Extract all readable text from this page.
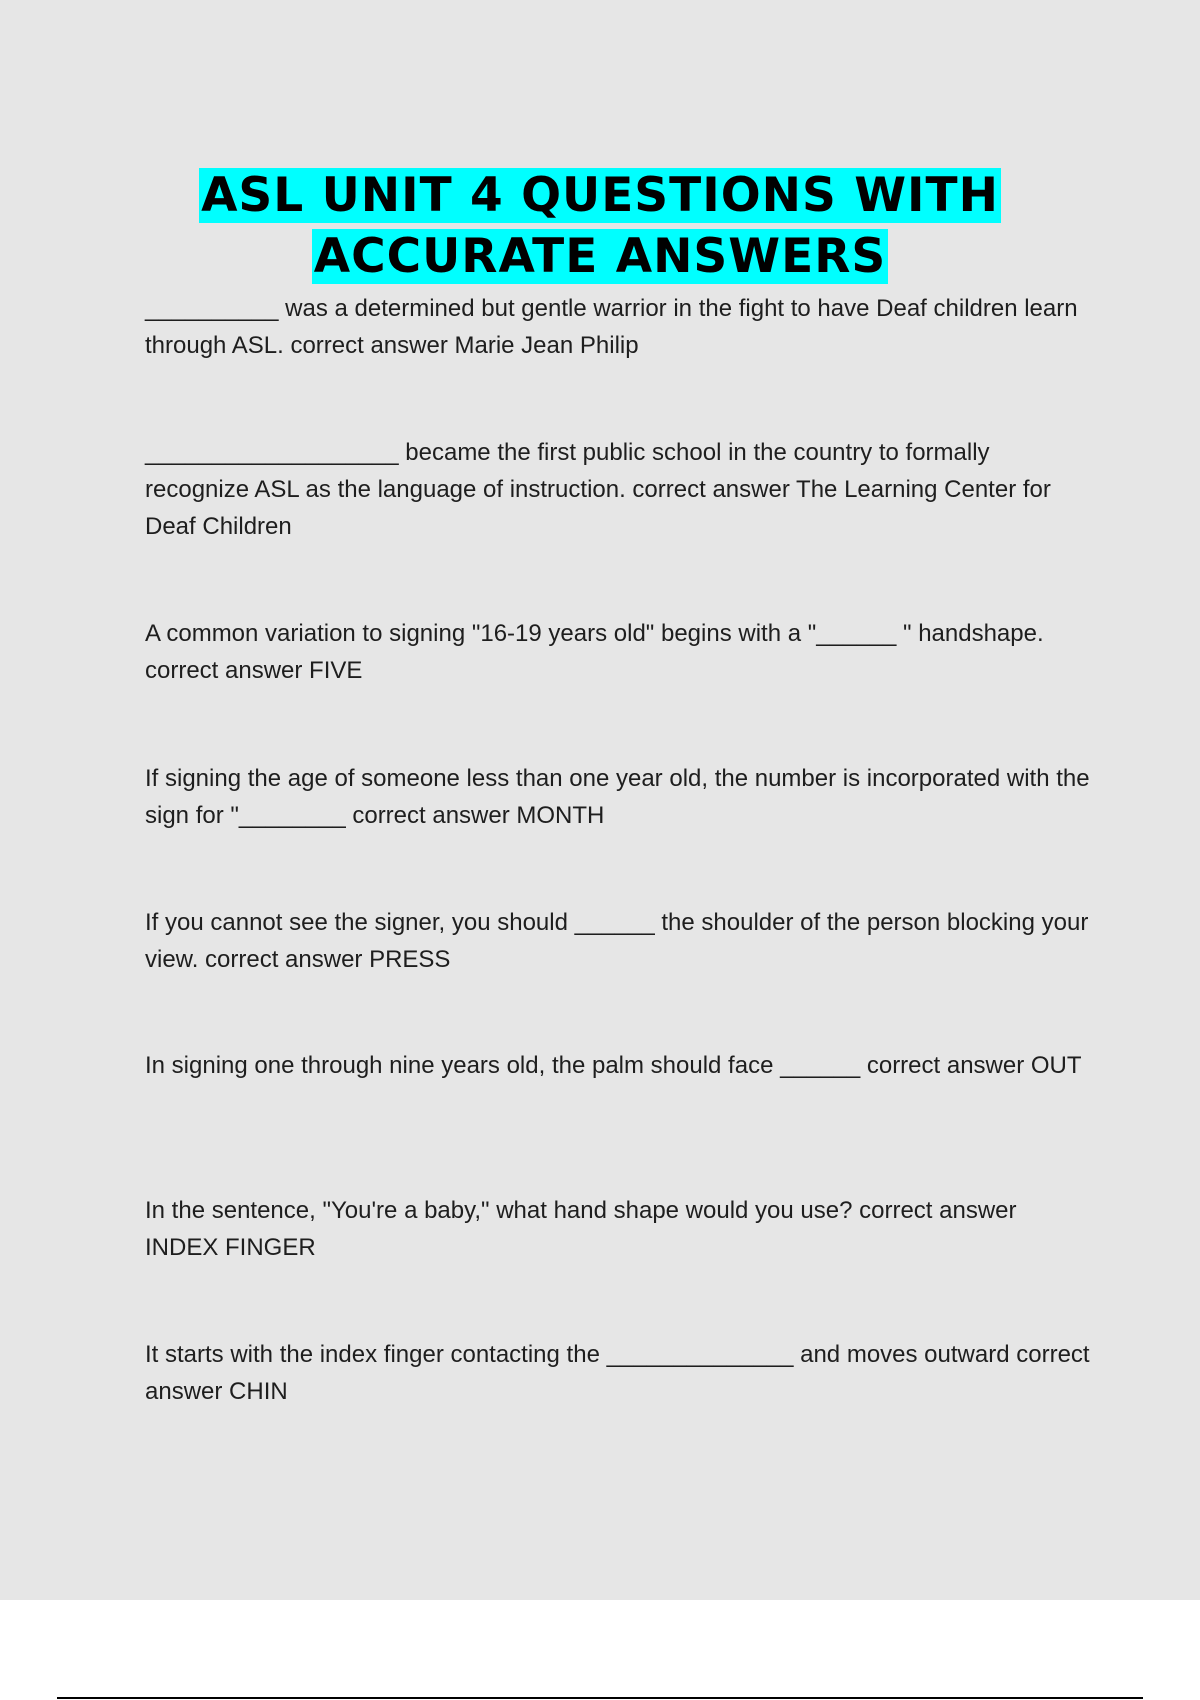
ASL UNIT 4 QUESTIONS WITH
ACCURATE ANSWERS

__________ was a determined but gentle warrior in the fight to have Deaf children learn through ASL. correct answer Marie Jean Philip

___________________ became the first public school in the country to formally recognize ASL as the language of instruction. correct answer The Learning Center for Deaf Children

A common variation to signing "16-19 years old" begins with a "______ " handshape. correct answer FIVE

If signing the age of someone less than one year old, the number is incorporated with the sign for "________ correct answer MONTH

If you cannot see the signer, you should ______ the shoulder of the person blocking your view. correct answer PRESS

In signing one through nine years old, the palm should face ______ correct answer OUT

In the sentence, "You're a baby," what hand shape would you use? correct answer INDEX FINGER

It starts with the index finger contacting the ______________ and moves outward correct answer CHIN
